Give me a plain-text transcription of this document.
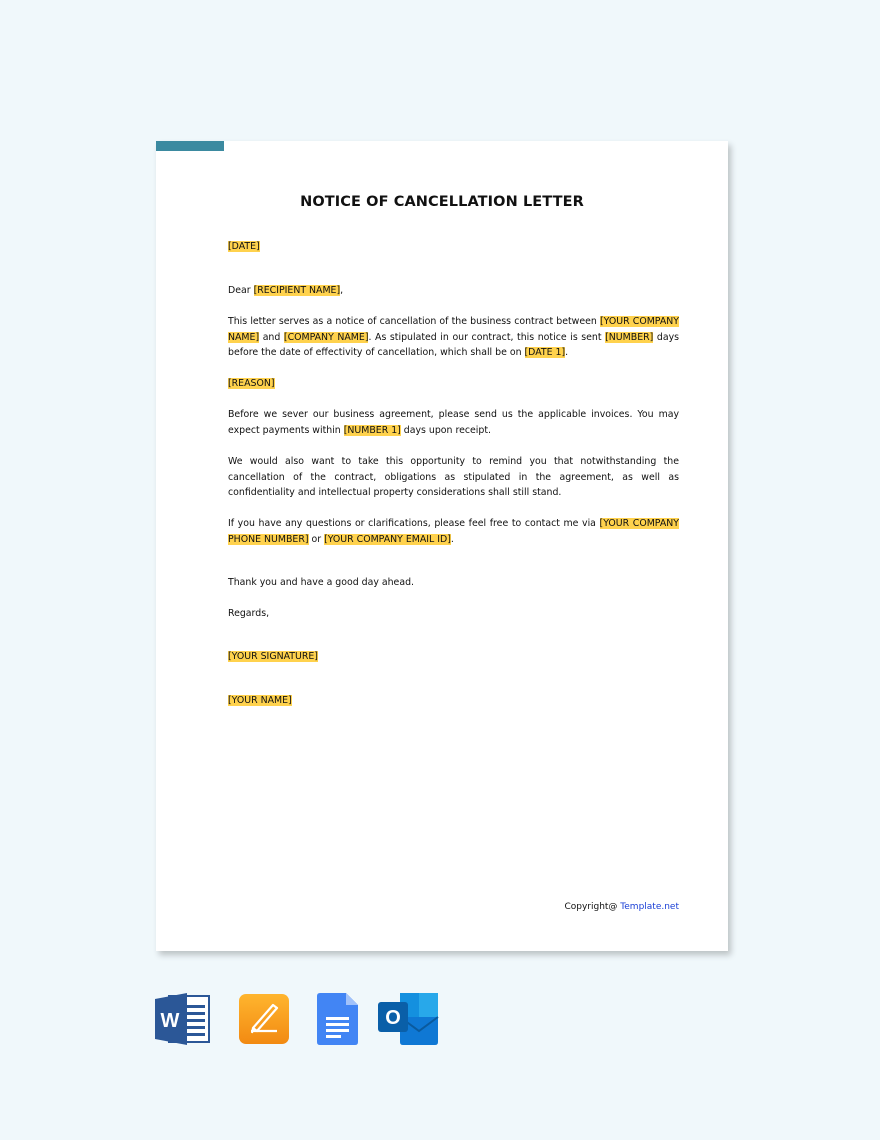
NOTICE OF CANCELLATION LETTER
[DATE]
Dear [RECIPIENT NAME],
This letter serves as a notice of cancellation of the business contract between [YOUR COMPANY NAME] and [COMPANY NAME]. As stipulated in our contract, this notice is sent [NUMBER] days before the date of effectivity of cancellation, which shall be on [DATE 1].
[REASON]
Before we sever our business agreement, please send us the applicable invoices. You may expect payments within [NUMBER 1] days upon receipt.
We would also want to take this opportunity to remind you that notwithstanding the cancellation of the contract, obligations as stipulated in the agreement, as well as confidentiality and intellectual property considerations shall still stand.
If you have any questions or clarifications, please feel free to contact me via [YOUR COMPANY PHONE NUMBER] or [YOUR COMPANY EMAIL ID].
Thank you and have a good day ahead.
Regards,
[YOUR SIGNATURE]
[YOUR NAME]
Copyright@ Template.net
W	O
